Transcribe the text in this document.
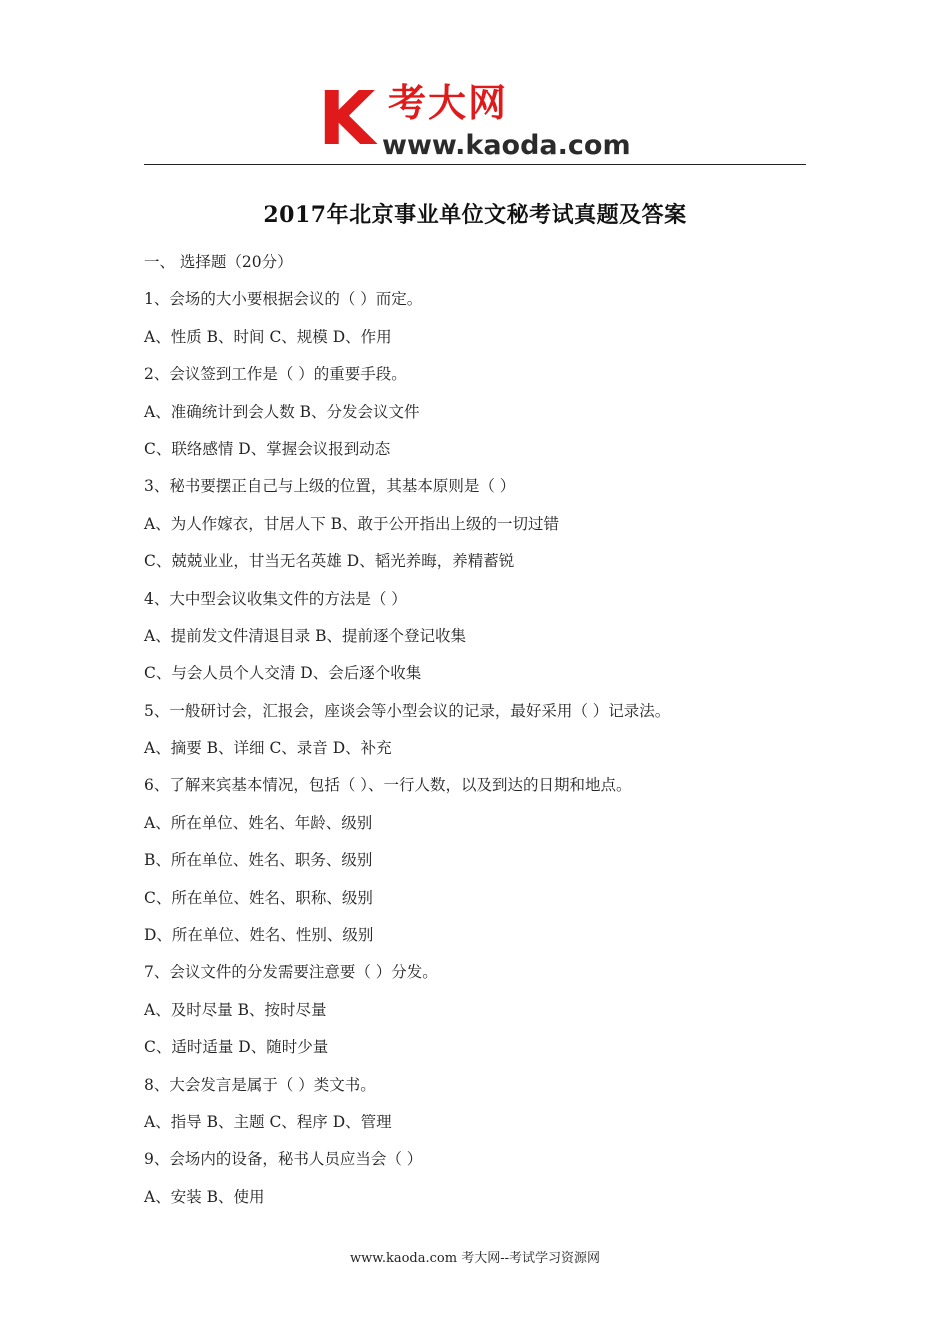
K 考大网
www.kaoda.com
2017年北京事业单位文秘考试真题及答案
一、 选择题（20分）
1、会场的大小要根据会议的（ ）而定。
A、性质 B、时间 C、规模 D、作用
2、会议签到工作是（ ）的重要手段。
A、准确统计到会人数 B、分发会议文件
C、联络感情 D、掌握会议报到动态
3、秘书要摆正自己与上级的位置，其基本原则是（ ）
A、为人作嫁衣，甘居人下 B、敢于公开指出上级的一切过错
C、兢兢业业，甘当无名英雄 D、韬光养晦，养精蓄锐
4、大中型会议收集文件的方法是（ ）
A、提前发文件清退目录 B、提前逐个登记收集
C、与会人员个人交清 D、会后逐个收集
5、一般研讨会，汇报会，座谈会等小型会议的记录，最好采用（ ）记录法。
A、摘要 B、详细 C、录音 D、补充
6、了解来宾基本情况，包括（ ）、一行人数，以及到达的日期和地点。
A、所在单位、姓名、年龄、级别
B、所在单位、姓名、职务、级别
C、所在单位、姓名、职称、级别
D、所在单位、姓名、性别、级别
7、会议文件的分发需要注意要（ ）分发。
A、及时尽量 B、按时尽量
C、适时适量 D、随时少量
8、大会发言是属于（ ）类文书。
A、指导 B、主题 C、程序 D、管理
9、会场内的设备，秘书人员应当会（ ）
A、安装 B、使用
www.kaoda.com 考大网--考试学习资源网
